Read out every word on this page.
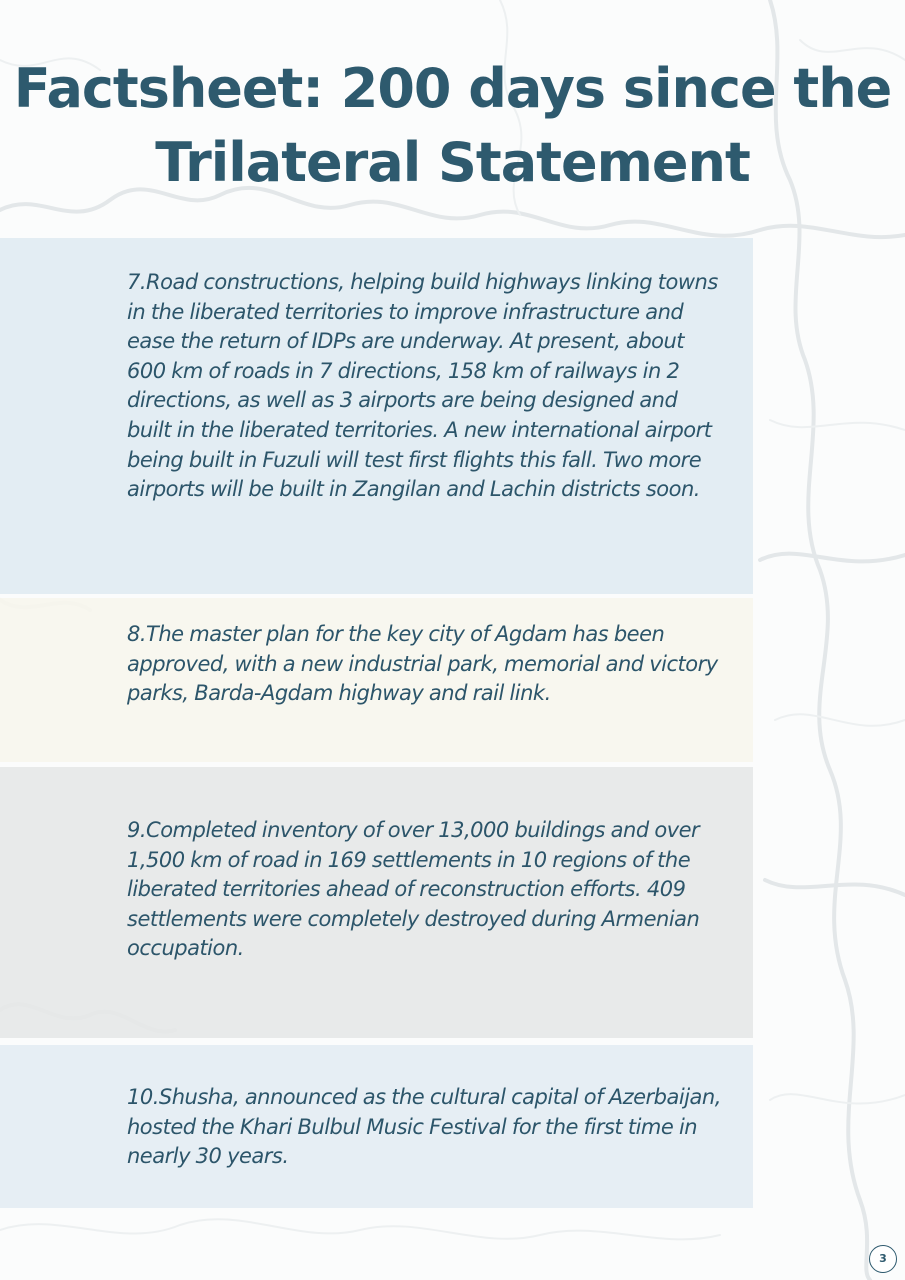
Factsheet: 200 days since the Trilateral Statement

7.Road constructions, helping build highways linking towns in the liberated territories to improve infrastructure and ease the return of IDPs are underway. At present, about 600 km of roads in 7 directions, 158 km of railways in 2 directions, as well as 3 airports are being designed and built in the liberated territories. A new international airport being built in Fuzuli will test first flights this fall. Two more airports will be built in Zangilan and Lachin districts soon.

8.The master plan for the key city of Agdam has been approved, with a new industrial park, memorial and victory parks, Barda-Agdam highway and rail link.

9.Completed inventory of over 13,000 buildings and over 1,500 km of road in 169 settlements in 10 regions of the liberated territories ahead of reconstruction efforts. 409 settlements were completely destroyed during Armenian occupation.

10.Shusha, announced as the cultural capital of Azerbaijan, hosted the Khari Bulbul Music Festival for the first time in nearly 30 years.

3
